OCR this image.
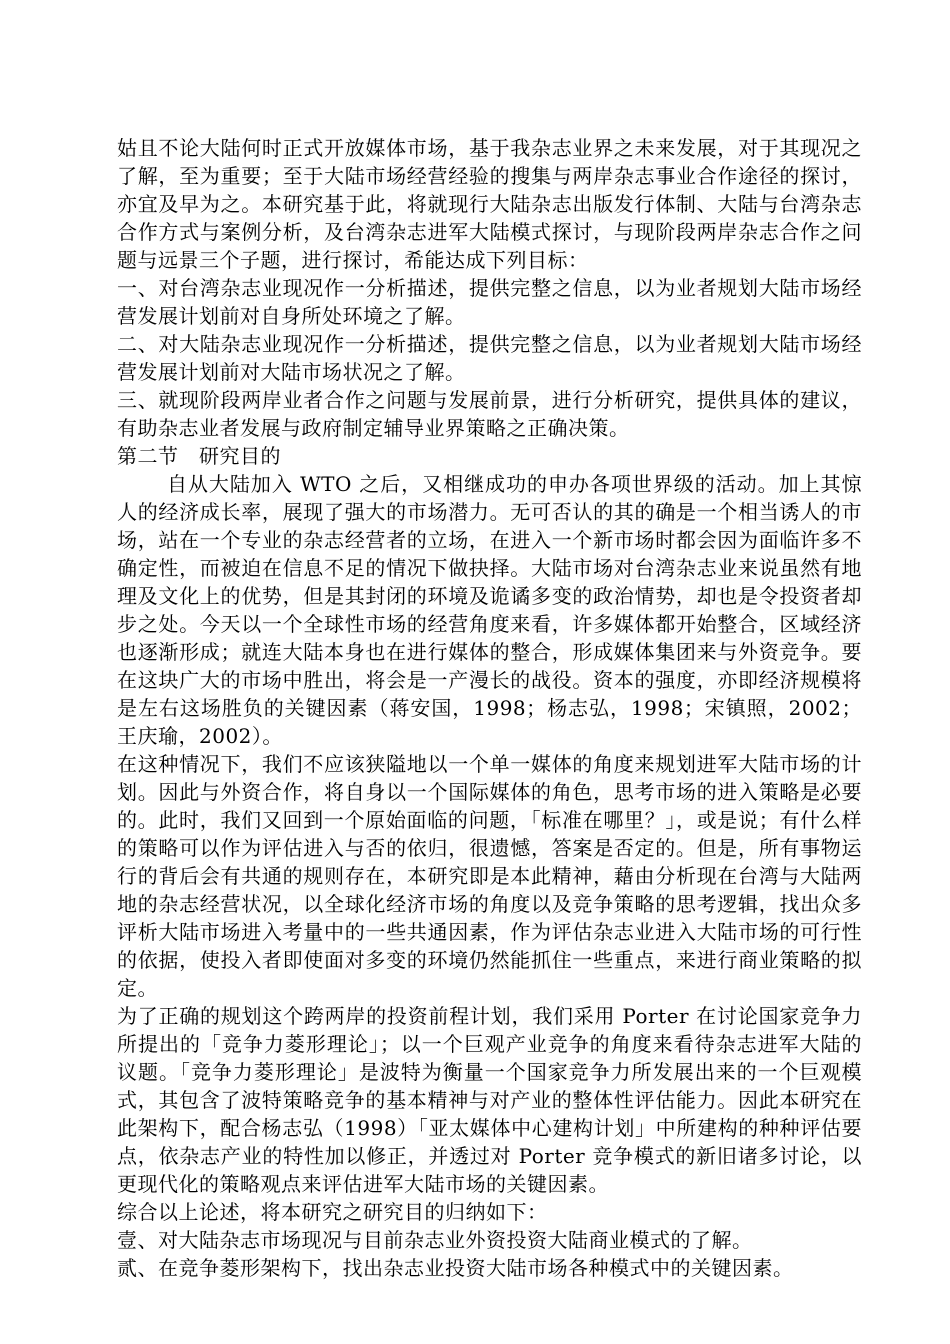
姑且不论大陆何时正式开放媒体市场，基于我杂志业界之未来发展，对于其现况之了解，至为重要；至于大陆市场经营经验的搜集与两岸杂志事业合作途径的探讨，亦宜及早为之。本研究基于此，将就现行大陆杂志出版发行体制、大陆与台湾杂志合作方式与案例分析，及台湾杂志进军大陆模式探讨，与现阶段两岸杂志合作之问题与远景三个子题，进行探讨，希能达成下列目标：

一、对台湾杂志业现况作一分析描述，提供完整之信息，以为业者规划大陆市场经营发展计划前对自身所处环境之了解。

二、对大陆杂志业现况作一分析描述，提供完整之信息，以为业者规划大陆市场经营发展计划前对大陆市场状况之了解。

三、就现阶段两岸业者合作之问题与发展前景，进行分析研究，提供具体的建议，有助杂志业者发展与政府制定辅导业界策略之正确决策。

第二节　研究目的

自从大陆加入 WTO 之后，又相继成功的申办各项世界级的活动。加上其惊人的经济成长率，展现了强大的市场潜力。无可否认的其的确是一个相当诱人的市场，站在一个专业的杂志经营者的立场，在进入一个新市场时都会因为面临许多不确定性，而被迫在信息不足的情况下做抉择。大陆市场对台湾杂志业来说虽然有地理及文化上的优势，但是其封闭的环境及诡谲多变的政治情势，却也是令投资者却步之处。今天以一个全球性市场的经营角度来看，许多媒体都开始整合，区域经济也逐渐形成；就连大陆本身也在进行媒体的整合，形成媒体集团来与外资竞争。要在这块广大的市场中胜出，将会是一产漫长的战役。资本的强度，亦即经济规模将是左右这场胜负的关键因素（蒋安国，1998；杨志弘，1998；宋镇照，2002；王庆瑜，2002）。

在这种情况下，我们不应该狭隘地以一个单一媒体的角度来规划进军大陆市场的计划。因此与外资合作，将自身以一个国际媒体的角色，思考市场的进入策略是必要的。此时，我们又回到一个原始面临的问题，「标准在哪里？」，或是说；有什么样的策略可以作为评估进入与否的依归，很遗憾，答案是否定的。但是，所有事物运行的背后会有共通的规则存在，本研究即是本此精神，藉由分析现在台湾与大陆两地的杂志经营状况，以全球化经济市场的角度以及竞争策略的思考逻辑，找出众多评析大陆市场进入考量中的一些共通因素，作为评估杂志业进入大陆市场的可行性的依据，使投入者即使面对多变的环境仍然能抓住一些重点，来进行商业策略的拟定。

为了正确的规划这个跨两岸的投资前程计划，我们采用 Porter 在讨论国家竞争力所提出的「竞争力菱形理论」；以一个巨观产业竞争的角度来看待杂志进军大陆的议题。「竞争力菱形理论」是波特为衡量一个国家竞争力所发展出来的一个巨观模式，其包含了波特策略竞争的基本精神与对产业的整体性评估能力。因此本研究在此架构下，配合杨志弘（1998）「亚太媒体中心建构计划」中所建构的种种评估要点，依杂志产业的特性加以修正，并透过对 Porter 竞争模式的新旧诸多讨论，以更现代化的策略观点来评估进军大陆市场的关键因素。

综合以上论述，将本研究之研究目的归纳如下：

壹、对大陆杂志市场现况与目前杂志业外资投资大陆商业模式的了解。

贰、在竞争菱形架构下，找出杂志业投资大陆市场各种模式中的关键因素。
